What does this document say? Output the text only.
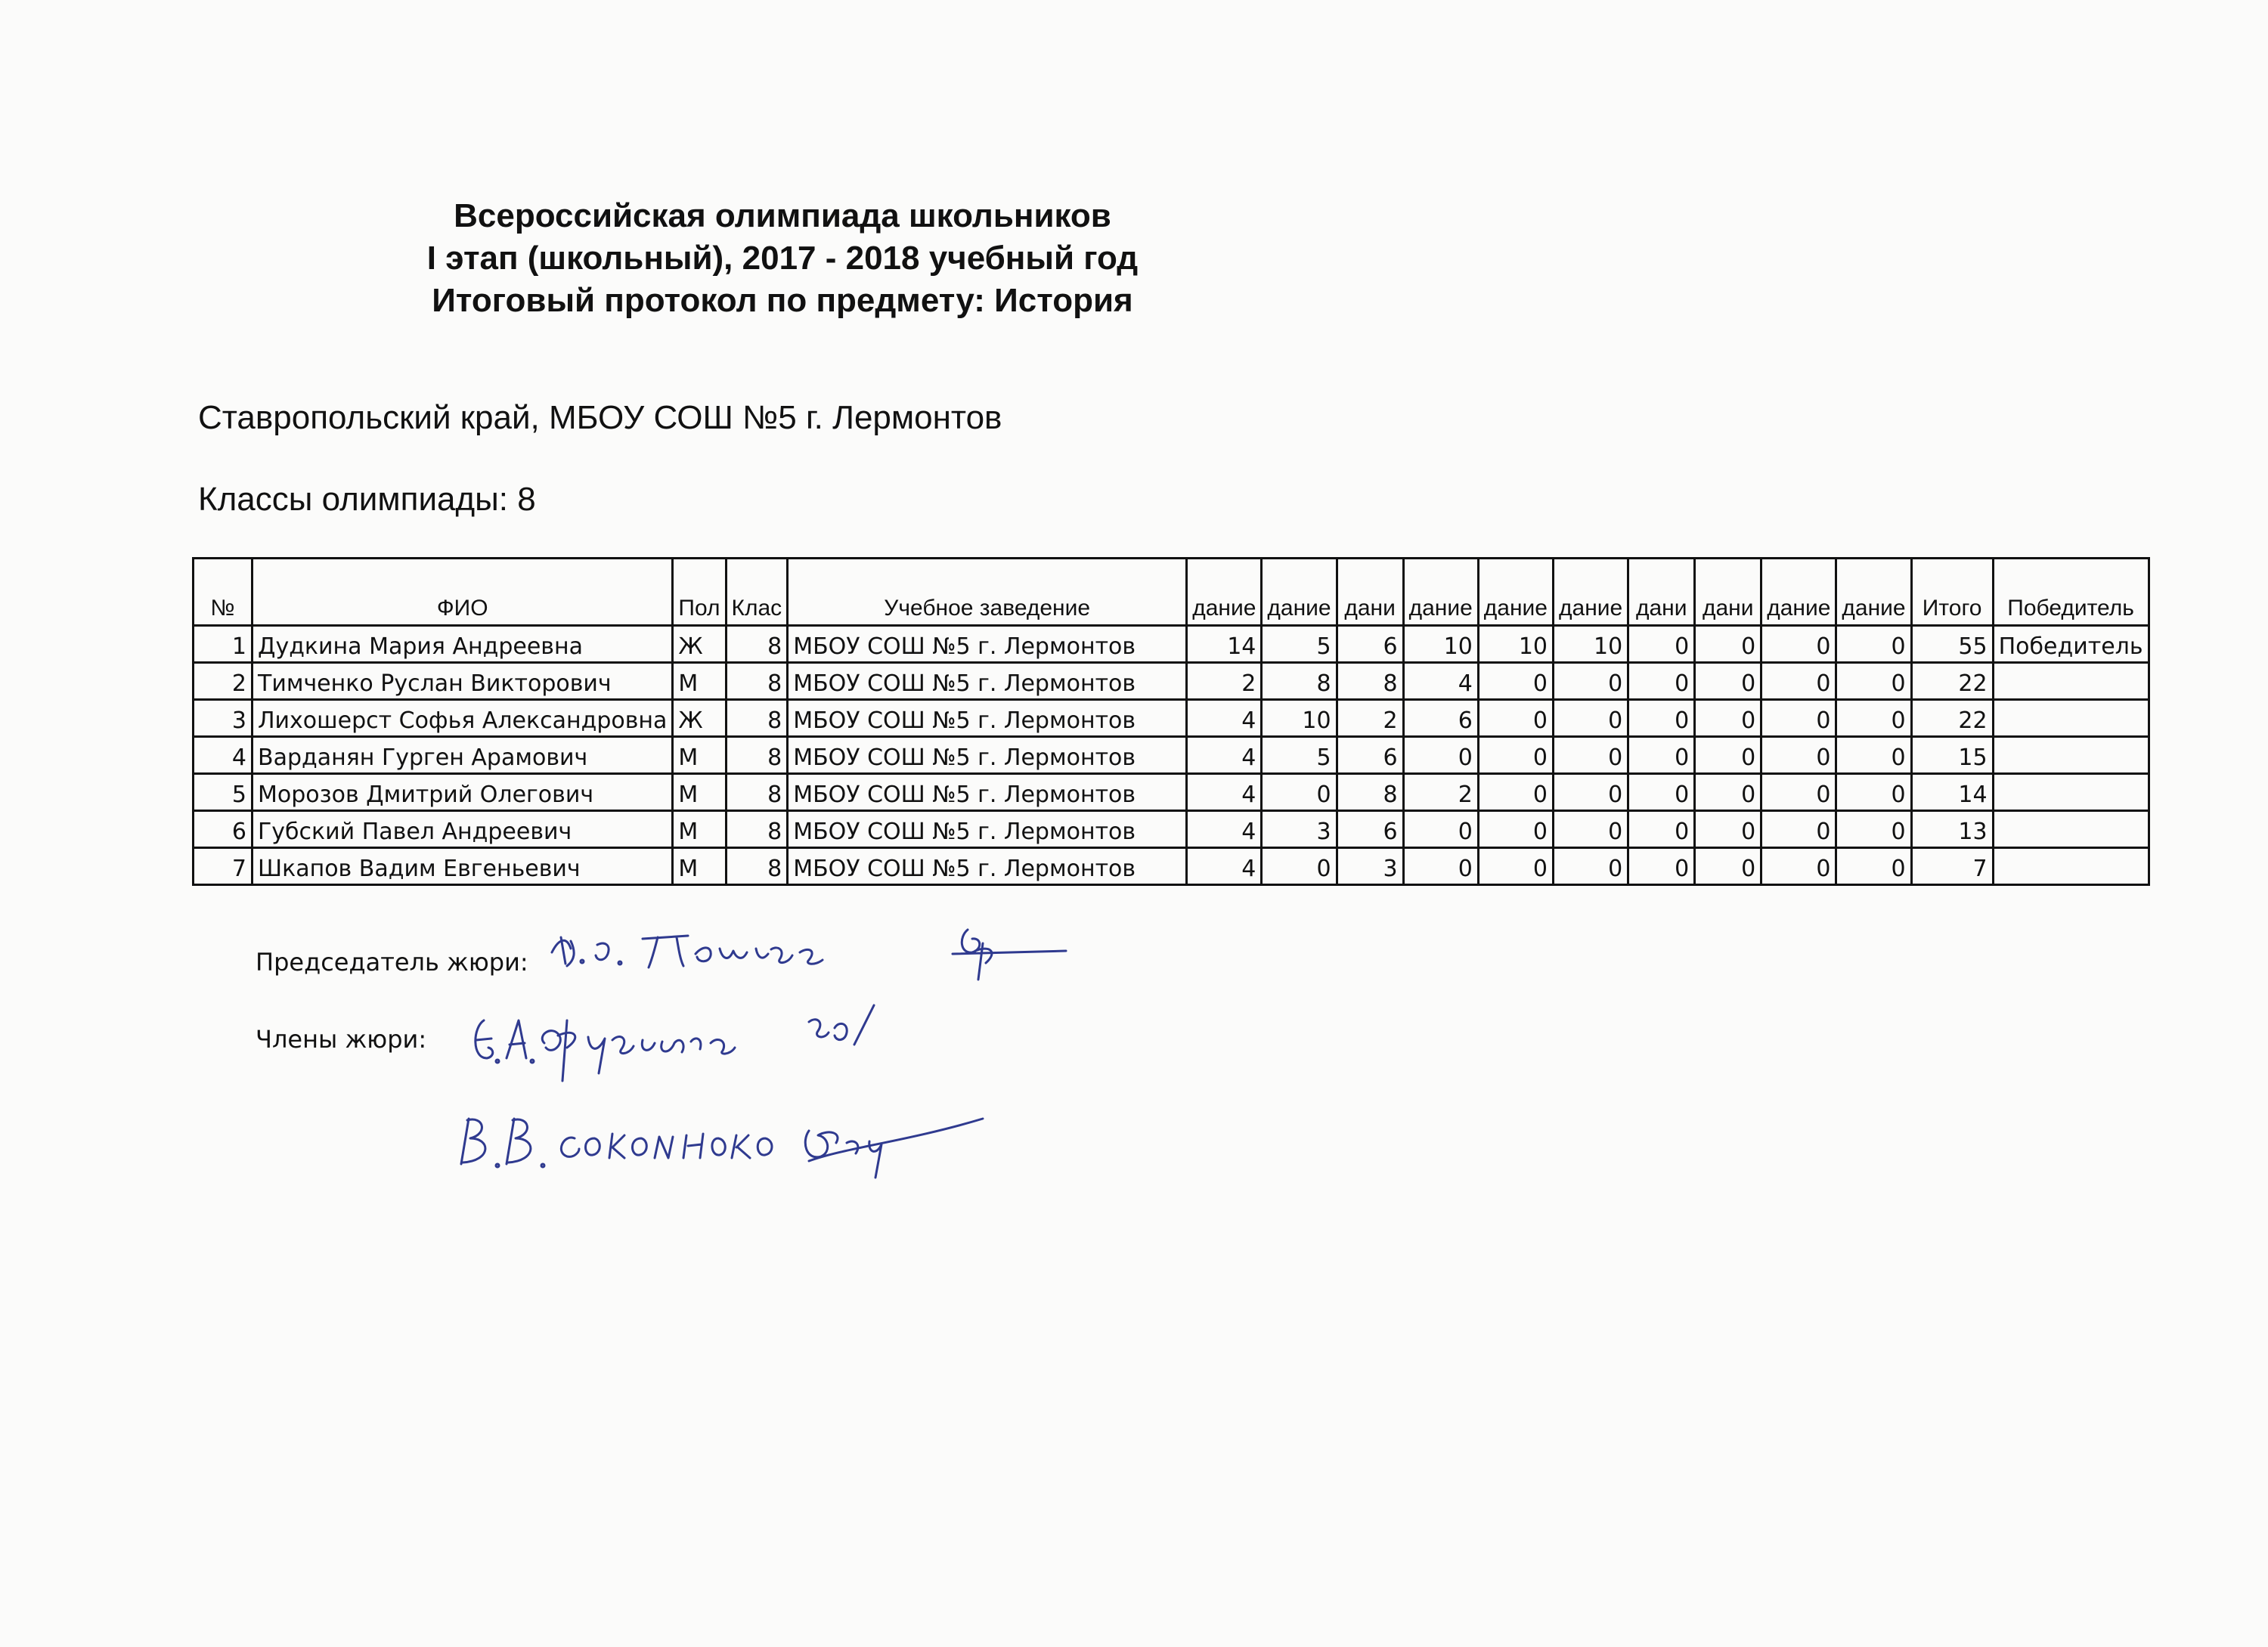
Всероссийская олимпиада школьников
I этап (школьный), 2017 - 2018 учебный год
Итоговый протокол по предмету: История
Ставропольский край, МБОУ СОШ №5 г. Лермонтов
Классы олимпиады: 8
№	ФИО	Пол	Клас	Учебное заведение	дание	дание	дани	дание	дание	дание	дани	дани	дание	дание	Итого	Победитель
1	Дудкина Мария Андреевна	Ж	8	МБОУ СОШ №5 г. Лермонтов	14	5	6	10	10	10	0	0	0	0	55	Победитель
2	Тимченко Руслан Викторович	М	8	МБОУ СОШ №5 г. Лермонтов	2	8	8	4	0	0	0	0	0	0	22	
3	Лихошерст Софья Александровна	Ж	8	МБОУ СОШ №5 г. Лермонтов	4	10	2	6	0	0	0	0	0	0	22	
4	Варданян Гурген Арамович	М	8	МБОУ СОШ №5 г. Лермонтов	4	5	6	0	0	0	0	0	0	0	15	
5	Морозов Дмитрий Олегович	М	8	МБОУ СОШ №5 г. Лермонтов	4	0	8	2	0	0	0	0	0	0	14	
6	Губский Павел Андреевич	М	8	МБОУ СОШ №5 г. Лермонтов	4	3	6	0	0	0	0	0	0	0	13	
7	Шкапов Вадим Евгеньевич	М	8	МБОУ СОШ №5 г. Лермонтов	4	0	3	0	0	0	0	0	0	0	7	
Председатель жюри:
Члены жюри:
